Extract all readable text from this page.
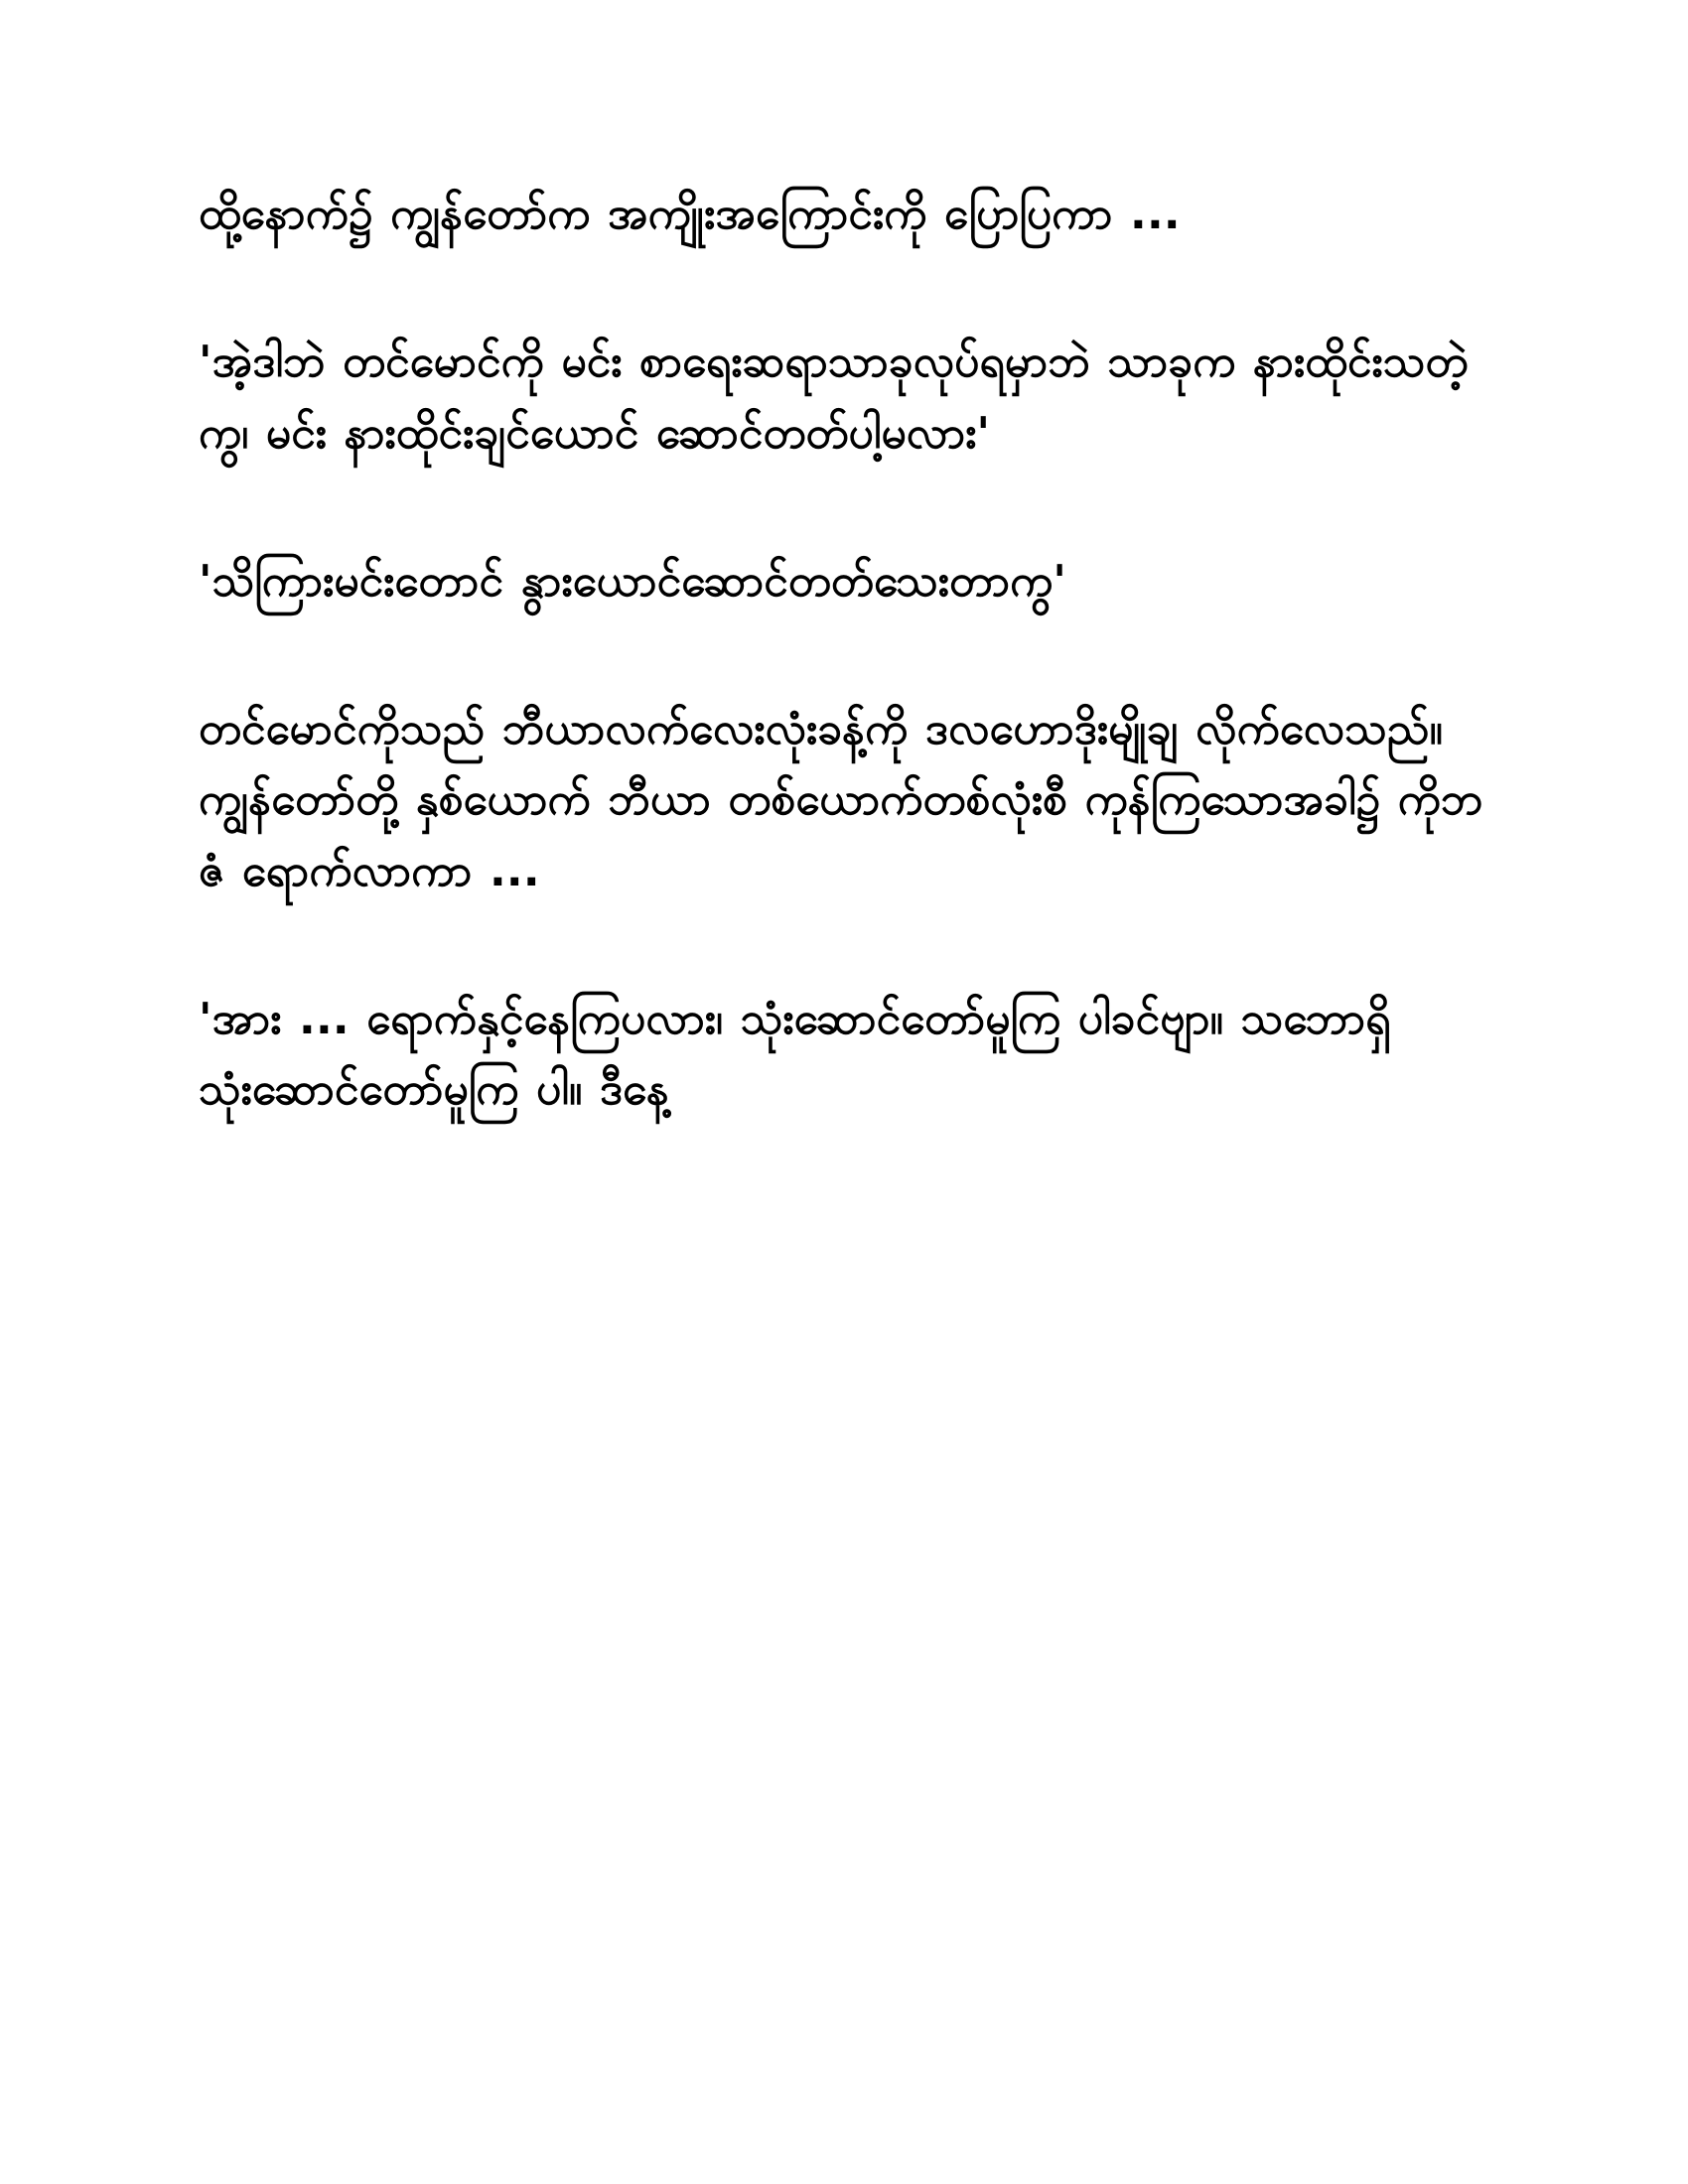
ထို့နောက်၌ ကျွန်တော်က အကျိုးအကြောင်းကို ပြောပြကာ ...

'အဲ့ဒါဘဲ တင်မောင်ကို မင်း စာရေးဆရာသာခုလုပ်ရမှာဘဲ သာခုက နားထိုင်းသတဲ့ကွ၊ မင်း နားထိုင်းချင်ယောင် ဆောင်တတ်ပါ့မလား'

'သိကြားမင်းတောင် နွားယောင်ဆောင်တတ်သေးတာကွ'

တင်မောင်ကိုသည် ဘီယာလက်လေးလုံးခန့်ကို ဒလဟောဒိုးမျိုချ လိုက်လေသည်။ ကျွန်တော်တို့ နှစ်ယောက် ဘီယာ တစ်ယောက်တစ်လုံးစီ ကုန်ကြသောအခါ၌ ကိုဘဇံ ရောက်လာကာ ...

'အား ... ရောက်နှင့်နေကြပလား၊ သုံးဆောင်တော်မူကြ ပါခင်ဗျာ။ သဘောရှိ သုံးဆောင်တော်မူကြ ပါ။ ဒီနေ့
